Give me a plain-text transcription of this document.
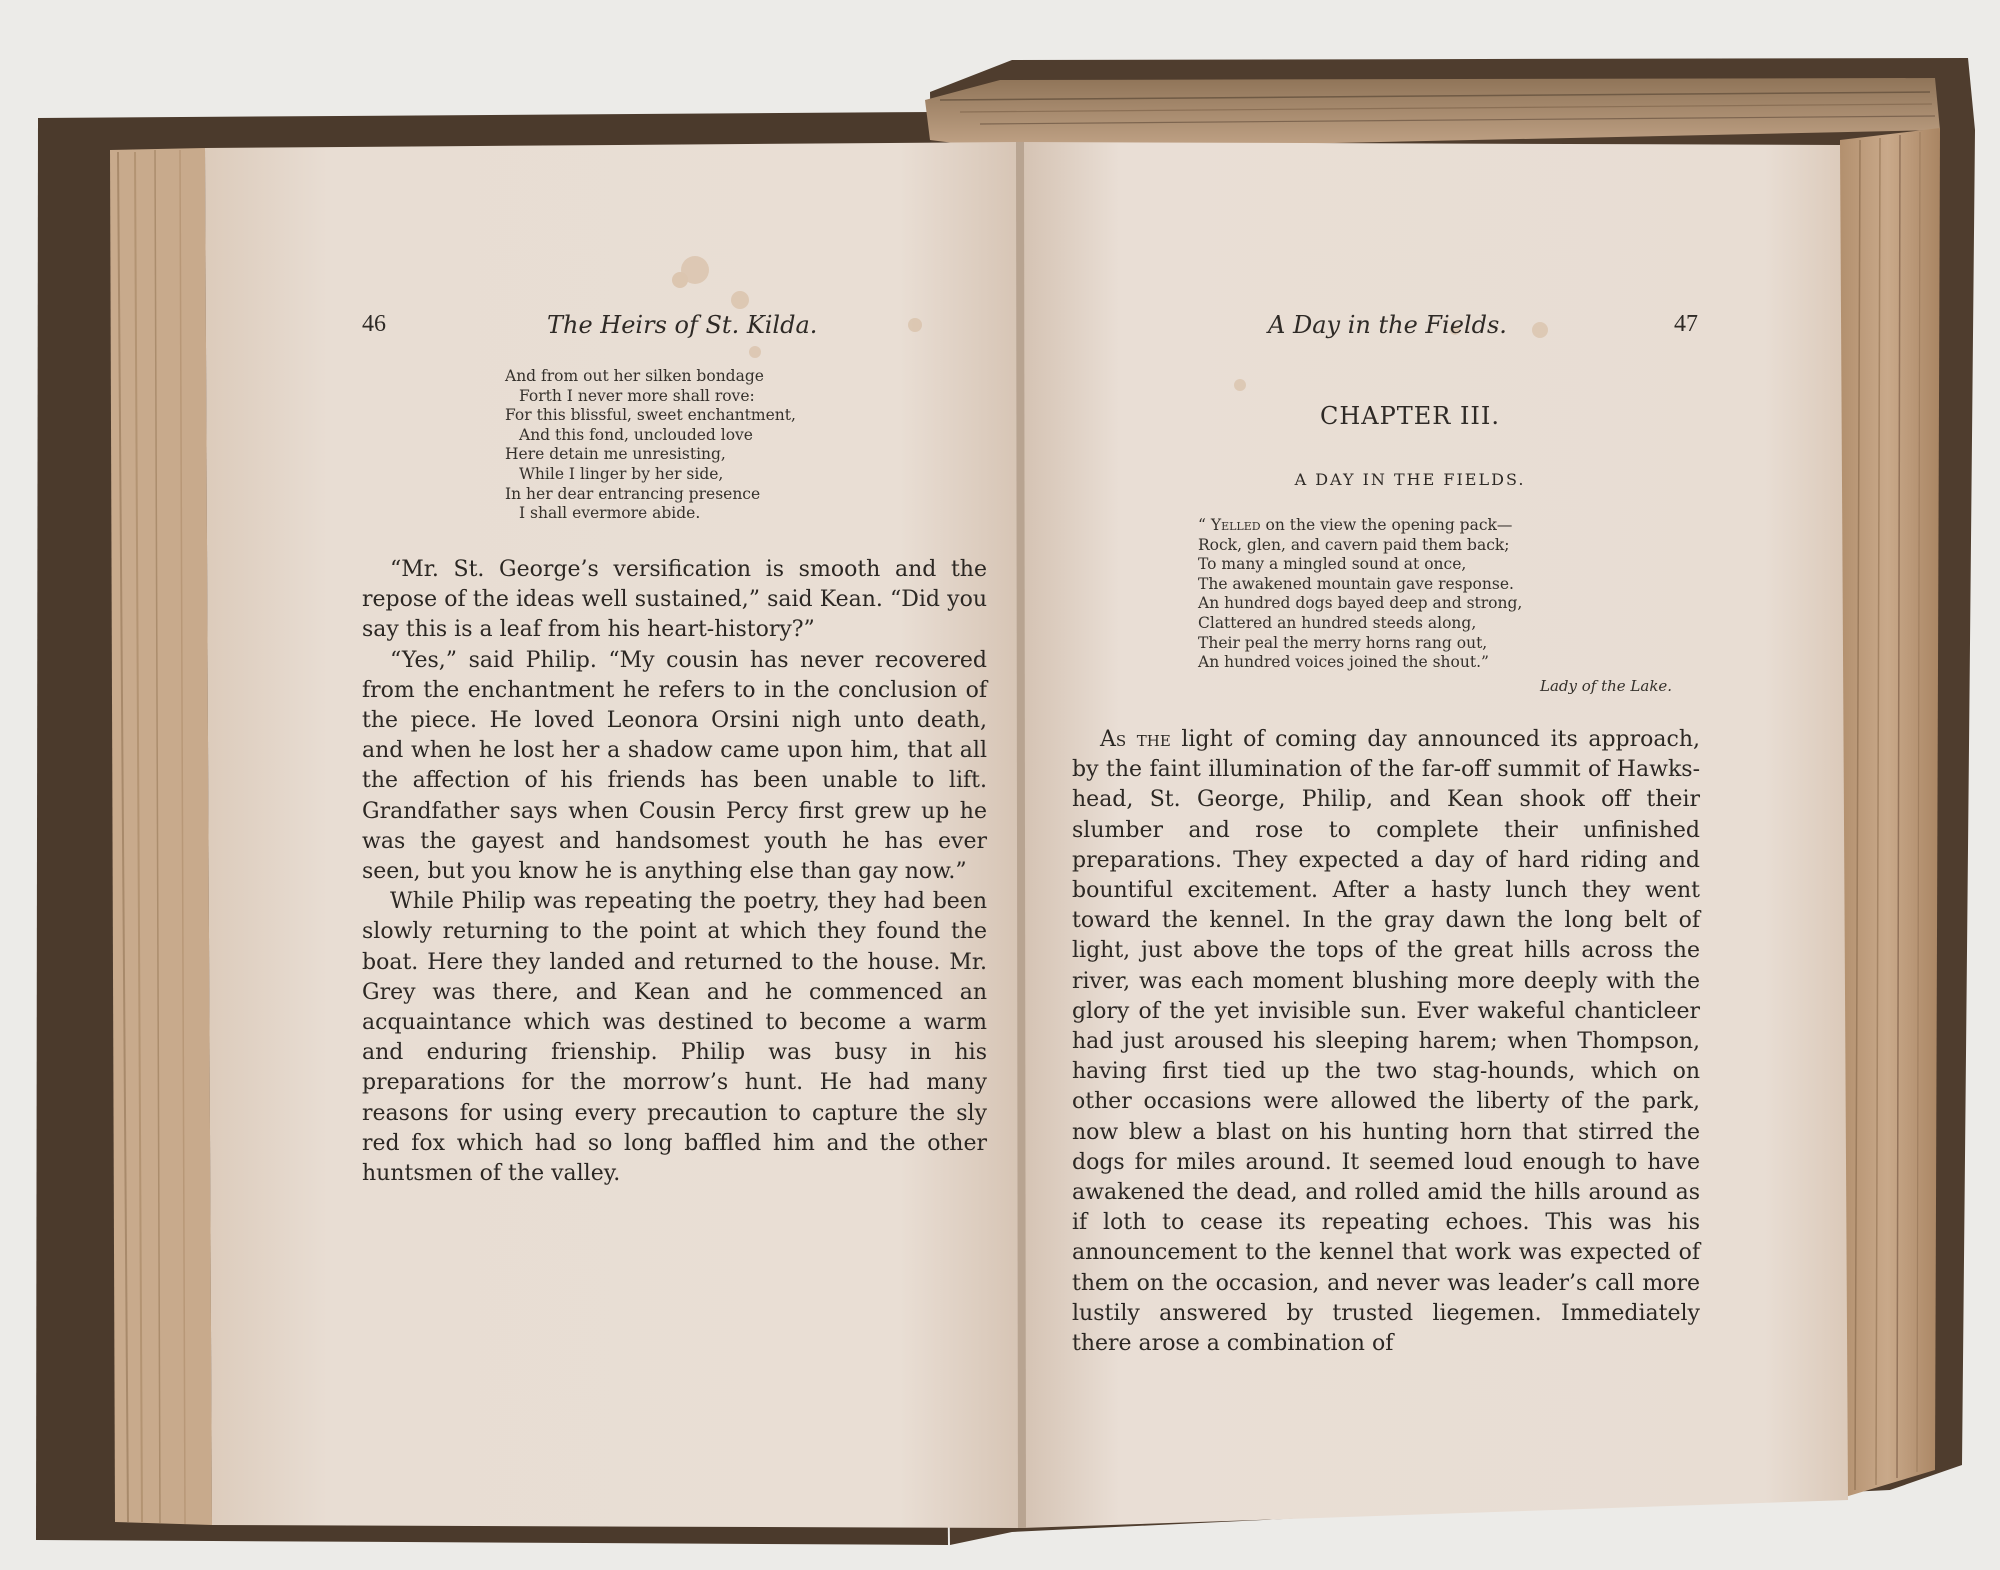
46	The Heirs of St. Kilda.
And from out her silken bondage
Forth I never more shall rove:
For this blissful, sweet enchantment,
And this fond, unclouded love
Here detain me unresisting,
While I linger by her side,
In her dear entrancing presence
I shall evermore abide.

“Mr. St. George’s versification is smooth and the repose of the ideas well sustained,” said Kean. “Did you say this is a leaf from his heart-history?”

“Yes,” said Philip. “My cousin has never recovered from the enchantment he refers to in the conclusion of the piece. He loved Leonora Orsini nigh unto death, and when he lost her a shadow came upon him, that all the affection of his friends has been unable to lift. Grandfather says when Cousin Percy first grew up he was the gayest and handsomest youth he has ever seen, but you know he is anything else than gay now.”

While Philip was repeating the poetry, they had been slowly returning to the point at which they found the boat. Here they landed and returned to the house. Mr. Grey was there, and Kean and he commenced an acquaintance which was destined to become a warm and enduring frienship. Philip was busy in his preparations for the morrow’s hunt. He had many reasons for using every precaution to capture the sly red fox which had so long baffled him and the other huntsmen of the valley.

A Day in the Fields.	47
CHAPTER III.
A DAY IN THE FIELDS.
“ Yelled on the view the opening pack—
Rock, glen, and cavern paid them back;
To many a mingled sound at once,
The awakened mountain gave response.
An hundred dogs bayed deep and strong,
Clattered an hundred steeds along,
Their peal the merry horns rang out,
An hundred voices joined the shout.”
Lady of the Lake.

As the light of coming day announced its approach, by the faint illumination of the far-off summit of Hawks-head, St. George, Philip, and Kean shook off their slumber and rose to complete their unfinished preparations. They expected a day of hard riding and bountiful excitement. After a hasty lunch they went toward the kennel. In the gray dawn the long belt of light, just above the tops of the great hills across the river, was each moment blushing more deeply with the glory of the yet invisible sun. Ever wakeful chanticleer had just aroused his sleeping harem; when Thompson, having first tied up the two stag-hounds, which on other occasions were allowed the liberty of the park, now blew a blast on his hunting horn that stirred the dogs for miles around. It seemed loud enough to have awakened the dead, and rolled amid the hills around as if loth to cease its repeating echoes. This was his announcement to the kennel that work was expected of them on the occasion, and never was leader’s call more lustily answered by trusted liegemen. Immediately there arose a combination of
